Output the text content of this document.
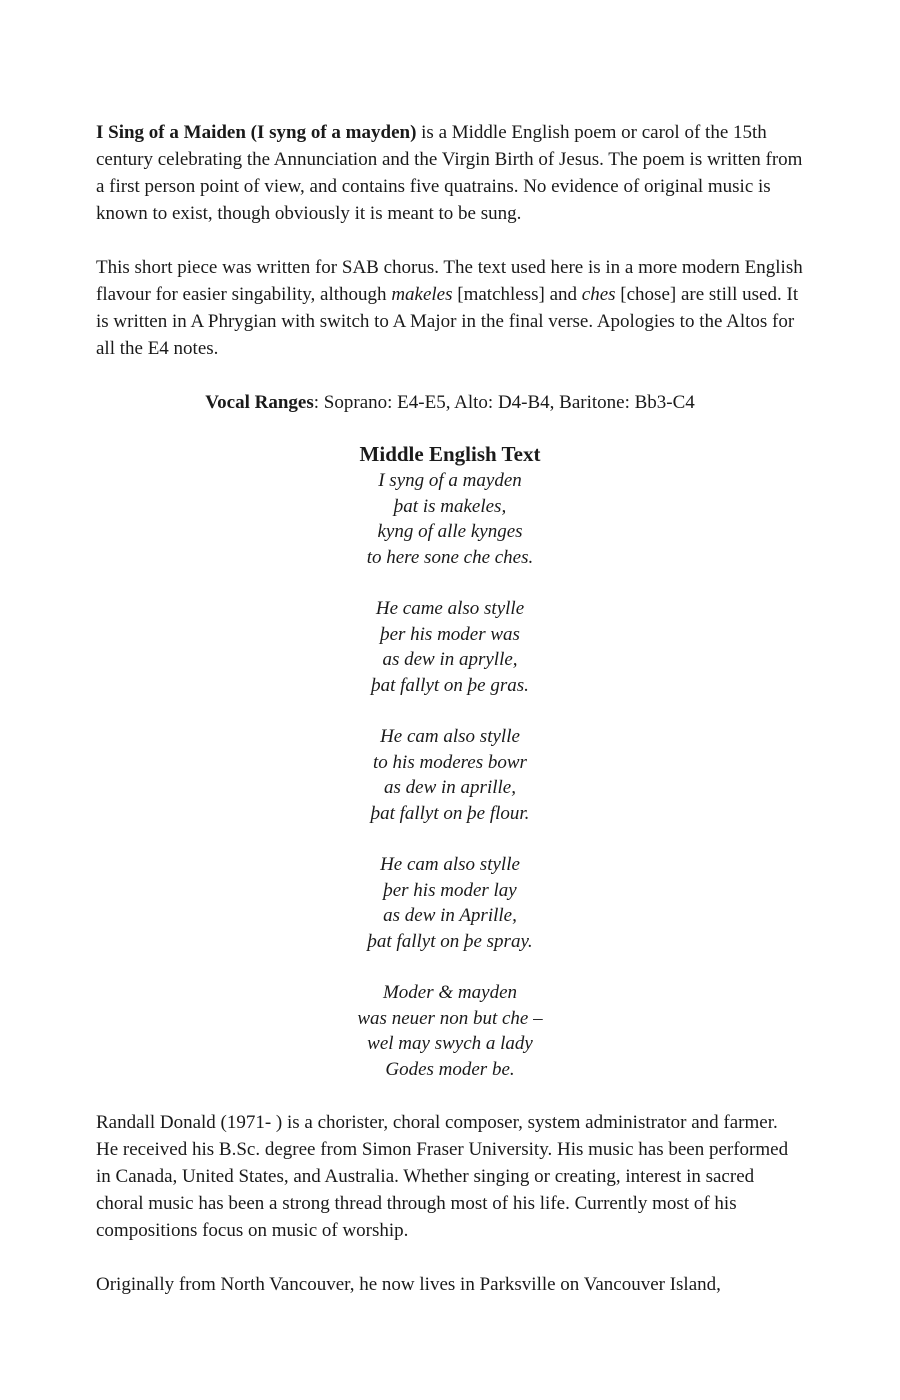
I Sing of a Maiden (I syng of a mayden) is a Middle English poem or carol of the 15th century celebrating the Annunciation and the Virgin Birth of Jesus. The poem is written from a first person point of view, and contains five quatrains. No evidence of original music is known to exist, though obviously it is meant to be sung.

This short piece was written for SAB chorus. The text used here is in a more modern English flavour for easier singability, although makeles [matchless] and ches [chose] are still used. It is written in A Phrygian with switch to A Major in the final verse. Apologies to the Altos for all the E4 notes.

Vocal Ranges: Soprano: E4-E5, Alto: D4-B4, Baritone: Bb3-C4

Middle English Text
I syng of a mayden
þat is makeles,
kyng of alle kynges
to here sone che ches.
He came also stylle
þer his moder was
as dew in aprylle,
þat fallyt on þe gras.
He cam also stylle
to his moderes bowr
as dew in aprille,
þat fallyt on þe flour.
He cam also stylle
þer his moder lay
as dew in Aprille,
þat fallyt on þe spray.
Moder & mayden
was neuer non but che –
wel may swych a lady
Godes moder be.

Randall Donald (1971- ) is a chorister, choral composer, system administrator and farmer. He received his B.Sc. degree from Simon Fraser University. His music has been performed in Canada, United States, and Australia. Whether singing or creating, interest in sacred choral music has been a strong thread through most of his life. Currently most of his compositions focus on music of worship.

Originally from North Vancouver, he now lives in Parksville on Vancouver Island,
